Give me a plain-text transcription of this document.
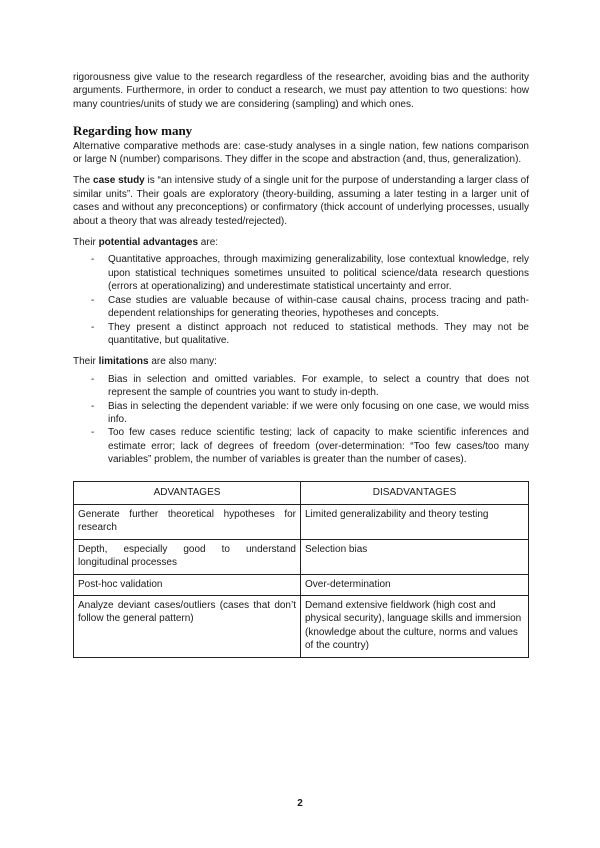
rigorousness give value to the research regardless of the researcher, avoiding bias and the authority arguments. Furthermore, in order to conduct a research, we must pay attention to two questions: how many countries/units of study we are considering (sampling) and which ones.

Regarding how many

Alternative comparative methods are: case-study analyses in a single nation, few nations comparison or large N (number) comparisons. They differ in the scope and abstraction (and, thus, generalization).

The case study is “an intensive study of a single unit for the purpose of understanding a larger class of similar units”. Their goals are exploratory (theory-building, assuming a later testing in a larger unit of cases and without any preconceptions) or confirmatory (thick account of underlying processes, usually about a theory that was already tested/rejected).

Their potential advantages are:

- Quantitative approaches, through maximizing generalizability, lose contextual knowledge, rely upon statistical techniques sometimes unsuited to political science/data research questions (errors at operationalizing) and underestimate statistical uncertainty and error.
- Case studies are valuable because of within-case causal chains, process tracing and path-dependent relationships for generating theories, hypotheses and concepts.
- They present a distinct approach not reduced to statistical methods. They may not be quantitative, but qualitative.

Their limitations are also many:

- Bias in selection and omitted variables. For example, to select a country that does not represent the sample of countries you want to study in-depth.
- Bias in selecting the dependent variable: if we were only focusing on one case, we would miss info.
- Too few cases reduce scientific testing; lack of capacity to make scientific inferences and estimate error; lack of degrees of freedom (over-determination: “Too few cases/too many variables” problem, the number of variables is greater than the number of cases).
ADVANTAGES	DISADVANTAGES
Generate further theoretical hypotheses for research	Limited generalizability and theory testing
Depth, especially good to understand longitudinal processes	Selection bias
Post-hoc validation	Over-determination
Analyze deviant cases/outliers (cases that don’t follow the general pattern)	Demand extensive fieldwork (high cost and physical security), language skills and immersion (knowledge about the culture, norms and values of the country)
2
